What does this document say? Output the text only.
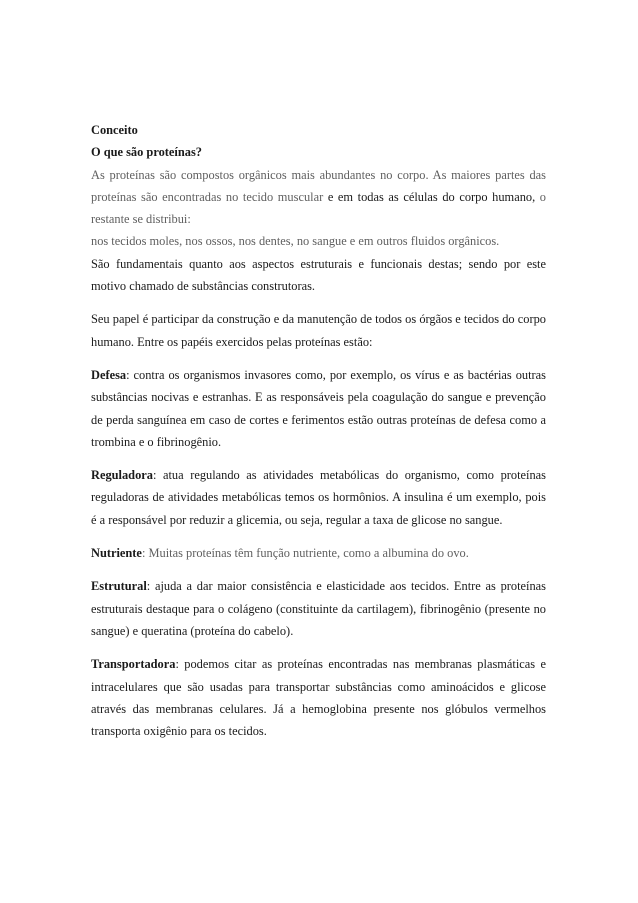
Conceito

O que são proteínas?

As proteínas são compostos orgânicos mais abundantes no corpo. As maiores partes das proteínas são encontradas no tecido muscular e em todas as células do corpo humano, o restante se distribui:

nos tecidos moles, nos ossos, nos dentes, no sangue e em outros fluidos orgânicos.

São fundamentais quanto aos aspectos estruturais e funcionais destas; sendo por este motivo chamado de substâncias construtoras.

Seu papel é participar da construção e da manutenção de todos os órgãos e tecidos do corpo humano. Entre os papéis exercidos pelas proteínas estão:

Defesa: contra os organismos invasores como, por exemplo, os vírus e as bactérias outras substâncias nocivas e estranhas. E as responsáveis pela coagulação do sangue e prevenção de perda sanguínea em caso de cortes e ferimentos estão outras proteínas de defesa como a trombina e o fibrinogênio.

Reguladora: atua regulando as atividades metabólicas do organismo, como proteínas reguladoras de atividades metabólicas temos os hormônios. A insulina é um exemplo, pois é a responsável por reduzir a glicemia, ou seja, regular a taxa de glicose no sangue.

Nutriente: Muitas proteínas têm função nutriente, como a albumina do ovo.

Estrutural: ajuda a dar maior consistência e elasticidade aos tecidos. Entre as proteínas estruturais destaque para o colágeno (constituinte da cartilagem), fibrinogênio (presente no sangue) e queratina (proteína do cabelo).

Transportadora: podemos citar as proteínas encontradas nas membranas plasmáticas e intracelulares que são usadas para transportar substâncias como aminoácidos e glicose através das membranas celulares. Já a hemoglobina presente nos glóbulos vermelhos transporta oxigênio para os tecidos.
